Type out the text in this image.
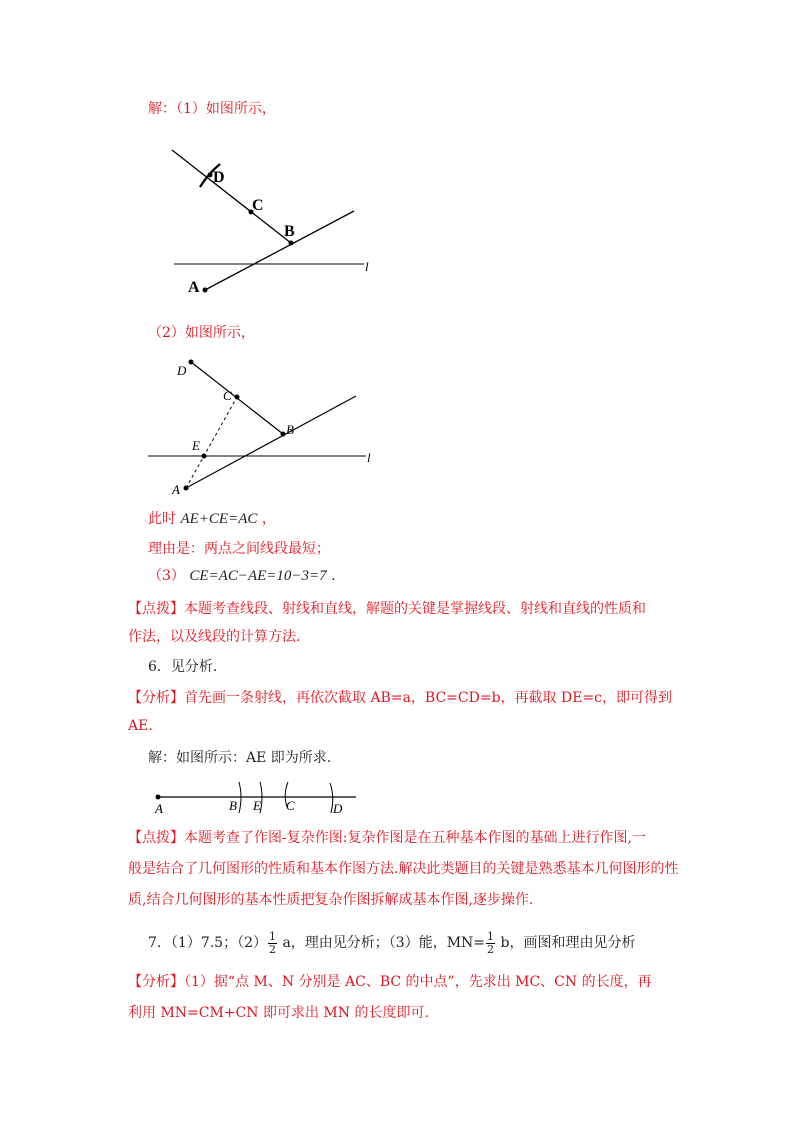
解：（1）如图所示，
D
C
B
A
l
（2）如图所示，
D
C
B
E
A
l
此时 AE+CE=AC ，
理由是：两点之间线段最短；
（3） CE=AC−AE=10−3=7 .
【点拨】本题考查线段、射线和直线，解题的关键是掌握线段、射线和直线的性质和
作法，以及线段的计算方法.
6．见分析.
【分析】首先画一条射线，再依次截取 AB=a，BC=CD=b，再截取 DE=c，即可得到
AE.
解：如图所示：AE 即为所求.
A	B E C	D
【点拨】本题考查了作图-复杂作图:复杂作图是在五种基本作图的基础上进行作图,一
般是结合了几何图形的性质和基本作图方法.解决此类题目的关键是熟悉基本几何图形的性
质,结合几何图形的基本性质把复杂作图拆解成基本作图,逐步操作.
7．（1）7.5；$(2) \frac{1}{2}$ a，理由见分析；（3）能，$MN= \frac{1}{2}$ b，画图和理由见分析
【分析】（1）据“点 M、N 分别是 AC、BC 的中点”，先求出 MC、CN 的长度，再
利用 MN=CM+CN 即可求出 MN 的长度即可.
